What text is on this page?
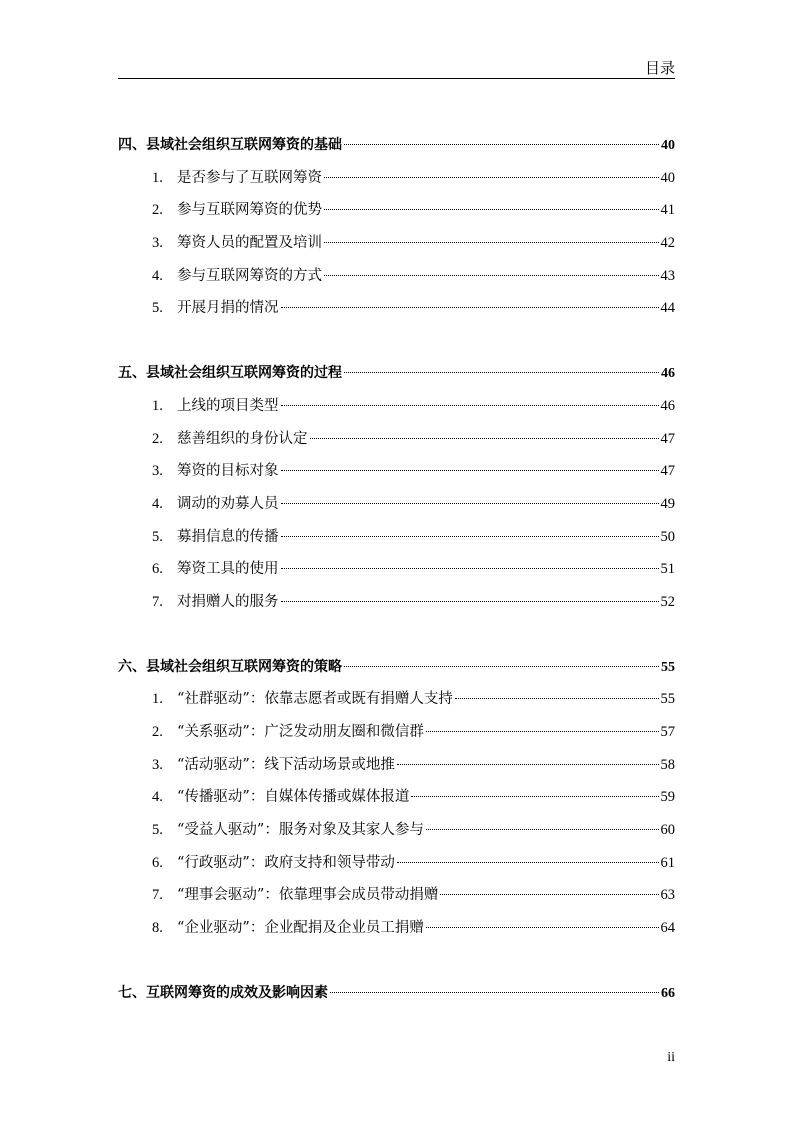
目录
四、县域社会组织互联网筹资的基础	40
1. 是否参与了互联网筹资	40
2. 参与互联网筹资的优势	41
3. 筹资人员的配置及培训	42
4. 参与互联网筹资的方式	43
5. 开展月捐的情况	44
五、县域社会组织互联网筹资的过程	46
1. 上线的项目类型	46
2. 慈善组织的身份认定	47
3. 筹资的目标对象	47
4. 调动的劝募人员	49
5. 募捐信息的传播	50
6. 筹资工具的使用	51
7. 对捐赠人的服务	52
六、县域社会组织互联网筹资的策略	55
1. “社群驱动”：依靠志愿者或既有捐赠人支持	55
2. “关系驱动”：广泛发动朋友圈和微信群	57
3. “活动驱动”：线下活动场景或地推	58
4. “传播驱动”：自媒体传播或媒体报道	59
5. “受益人驱动”：服务对象及其家人参与	60
6. “行政驱动”：政府支持和领导带动	61
7. “理事会驱动”：依靠理事会成员带动捐赠	63
8. “企业驱动”：企业配捐及企业员工捐赠	64
七、互联网筹资的成效及影响因素	66
ii
